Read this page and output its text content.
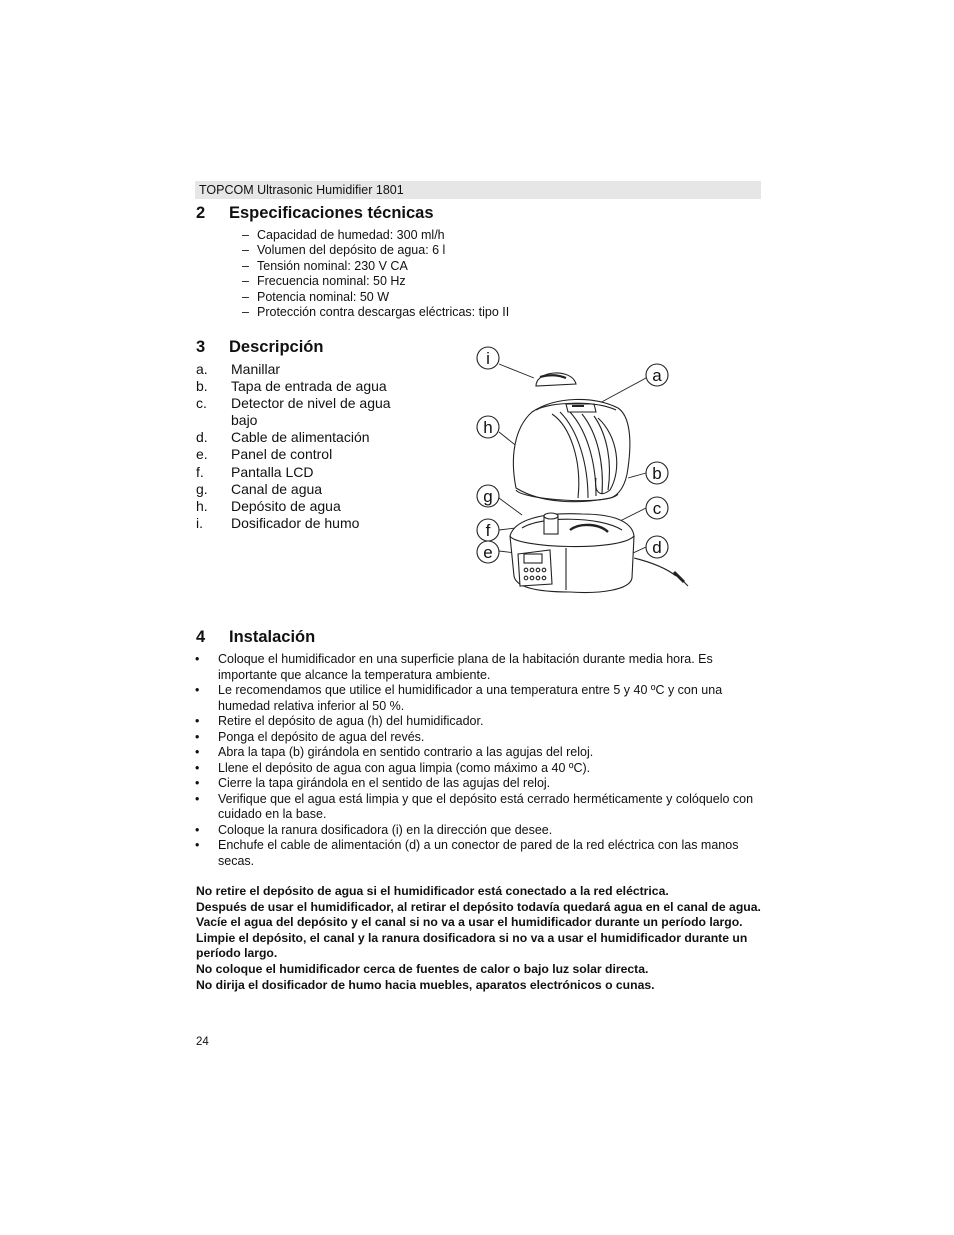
TOPCOM Ultrasonic Humidifier 1801
2 Especificaciones técnicas
– Capacidad de humedad: 300 ml/h
– Volumen del depósito de agua: 6 l
– Tensión nominal: 230 V CA
– Frecuencia nominal: 50 Hz
– Potencia nominal: 50 W
– Protección contra descargas eléctricas: tipo II
3 Descripción
a.	Manillar
b.	Tapa de entrada de agua
c.	Detector de nivel de agua bajo
d.	Cable de alimentación
e.	Panel de control
f.	Pantalla LCD
g.	Canal de agua
h.	Depósito de agua
i.	Dosificador de humo
i
a
h
b
g
c
f
e	d
4 Instalación
•	Coloque el humidificador en una superficie plana de la habitación durante media hora. Es importante que alcance la temperatura ambiente.
•	Le recomendamos que utilice el humidificador a una temperatura entre 5 y 40 ºC y con una humedad relativa inferior al 50 %.
•	Retire el depósito de agua (h) del humidificador.
•	Ponga el depósito de agua del revés.
•	Abra la tapa (b) girándola en sentido contrario a las agujas del reloj.
•	Llene el depósito de agua con agua limpia (como máximo a 40 ºC).
•	Cierre la tapa girándola en el sentido de las agujas del reloj.
•	Verifique que el agua está limpia y que el depósito está cerrado herméticamente y colóquelo con cuidado en la base.
•	Coloque la ranura dosificadora (i) en la dirección que desee.
•	Enchufe el cable de alimentación (d) a un conector de pared de la red eléctrica con las manos secas.

No retire el depósito de agua si el humidificador está conectado a la red eléctrica.

Después de usar el humidificador, al retirar el depósito todavía quedará agua en el canal de agua.

Vacíe el agua del depósito y el canal si no va a usar el humidificador durante un período largo.

Limpie el depósito, el canal y la ranura dosificadora si no va a usar el humidificador durante un período largo.

No coloque el humidificador cerca de fuentes de calor o bajo luz solar directa.

No dirija el dosificador de humo hacia muebles, aparatos electrónicos o cunas.

24
